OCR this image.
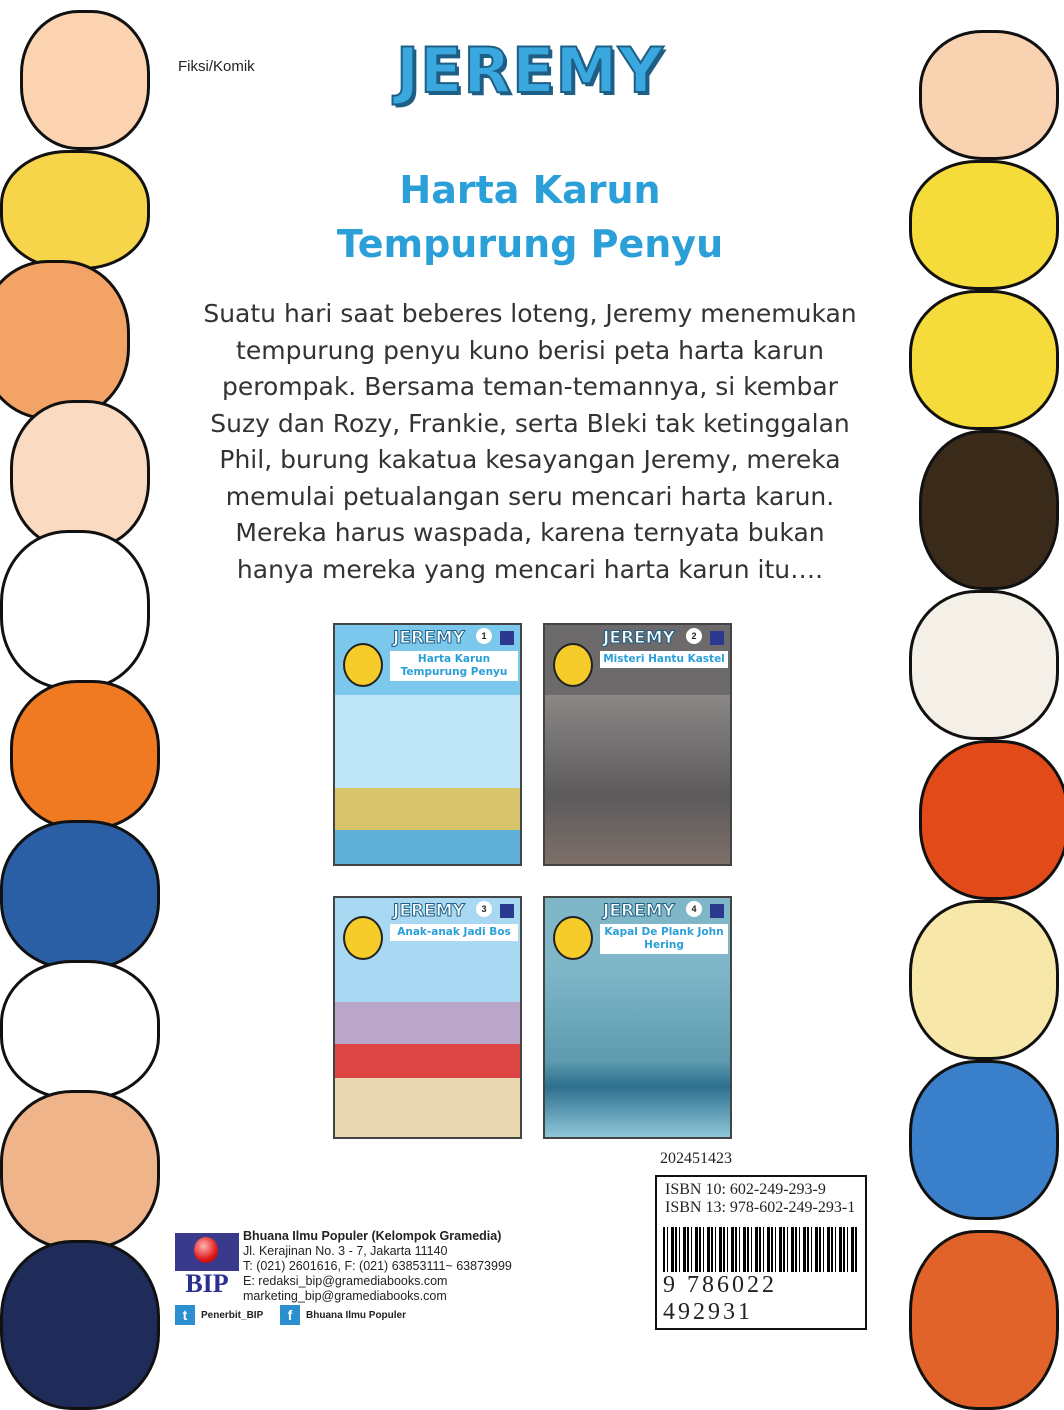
Fiksi/Komik	JEREMY
Harta Karun
Tempurung Penyu
Suatu hari saat beberes loteng, Jeremy menemukan tempurung penyu kuno berisi peta harta karun perompak. Bersama teman-temannya, si kembar Suzy dan Rozy, Frankie, serta Bleki tak ketinggalan Phil, burung kakatua kesayangan Jeremy, mereka memulai petualangan seru mencari harta karun. Mereka harus waspada, karena ternyata bukan hanya mereka yang mencari harta karun itu….
JEREMY	1
Harta Karun Tempurung Penyu
JEREMY	2
Misteri Hantu Kastel
JEREMY	3
Anak-anak Jadi Bos
JEREMY	4
Kapal De Plank John Hering
202451423
ISBN 10: 602-249-293-9
ISBN 13: 978-602-249-293-1
9 786022 492931
BIP
Bhuana Ilmu Populer (Kelompok Gramedia)
Jl. Kerajinan No. 3 - 7, Jakarta 11140
T: (021) 2601616, F: (021) 63853111~ 63873999
E: redaksi_bip@gramediabooks.com
marketing_bip@gramediabooks.com
t	Penerbit_BIP	f	Bhuana Ilmu Populer
